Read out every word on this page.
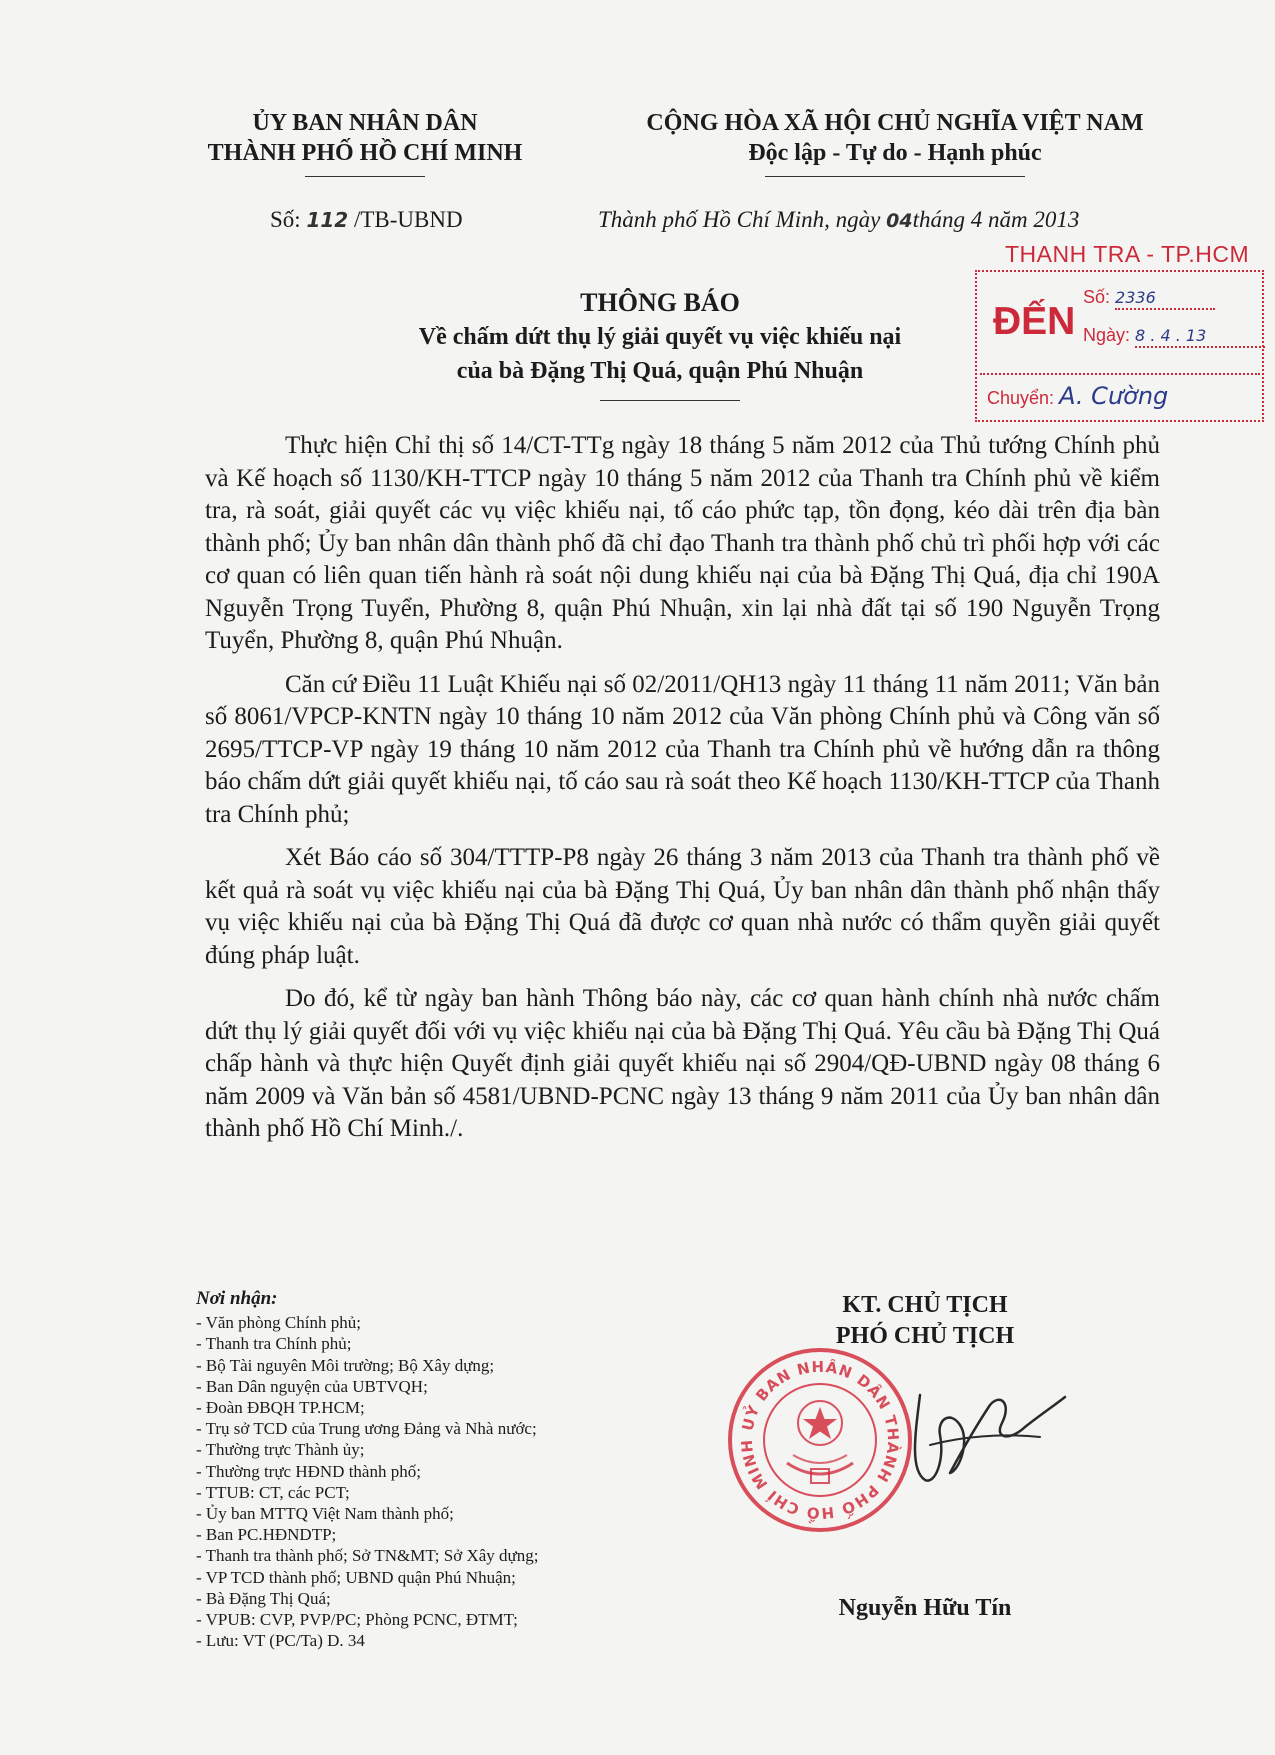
ỦY BAN NHÂN DÂN
THÀNH PHỐ HỒ CHÍ MINH
CỘNG HÒA XÃ HỘI CHỦ NGHĨA VIỆT NAM
Độc lập - Tự do - Hạnh phúc
Số: 112 /TB-UBND	Thành phố Hồ Chí Minh, ngày 04tháng 4 năm 2013
THANH TRA - TP.HCM
ĐẾN
Số: 2336
Ngày: 8 . 4 . 13
Chuyển: A. Cường
THÔNG BÁO
Về chấm dứt thụ lý giải quyết vụ việc khiếu nại
của bà Đặng Thị Quá, quận Phú Nhuận

Thực hiện Chỉ thị số 14/CT-TTg ngày 18 tháng 5 năm 2012 của Thủ tướng Chính phủ và Kế hoạch số 1130/KH-TTCP ngày 10 tháng 5 năm 2012 của Thanh tra Chính phủ về kiểm tra, rà soát, giải quyết các vụ việc khiếu nại, tố cáo phức tạp, tồn đọng, kéo dài trên địa bàn thành phố; Ủy ban nhân dân thành phố đã chỉ đạo Thanh tra thành phố chủ trì phối hợp với các cơ quan có liên quan tiến hành rà soát nội dung khiếu nại của bà Đặng Thị Quá, địa chỉ 190A Nguyễn Trọng Tuyển, Phường 8, quận Phú Nhuận, xin lại nhà đất tại số 190 Nguyễn Trọng Tuyển, Phường 8, quận Phú Nhuận.

Căn cứ Điều 11 Luật Khiếu nại số 02/2011/QH13 ngày 11 tháng 11 năm 2011; Văn bản số 8061/VPCP-KNTN ngày 10 tháng 10 năm 2012 của Văn phòng Chính phủ và Công văn số 2695/TTCP-VP ngày 19 tháng 10 năm 2012 của Thanh tra Chính phủ về hướng dẫn ra thông báo chấm dứt giải quyết khiếu nại, tố cáo sau rà soát theo Kế hoạch 1130/KH-TTCP của Thanh tra Chính phủ;

Xét Báo cáo số 304/TTTP-P8 ngày 26 tháng 3 năm 2013 của Thanh tra thành phố về kết quả rà soát vụ việc khiếu nại của bà Đặng Thị Quá, Ủy ban nhân dân thành phố nhận thấy vụ việc khiếu nại của bà Đặng Thị Quá đã được cơ quan nhà nước có thẩm quyền giải quyết đúng pháp luật.

Do đó, kể từ ngày ban hành Thông báo này, các cơ quan hành chính nhà nước chấm dứt thụ lý giải quyết đối với vụ việc khiếu nại của bà Đặng Thị Quá. Yêu cầu bà Đặng Thị Quá chấp hành và thực hiện Quyết định giải quyết khiếu nại số 2904/QĐ-UBND ngày 08 tháng 6 năm 2009 và Văn bản số 4581/UBND-PCNC ngày 13 tháng 9 năm 2011 của Ủy ban nhân dân thành phố Hồ Chí Minh./.

Nơi nhận:
- Văn phòng Chính phủ;
- Thanh tra Chính phủ;
- Bộ Tài nguyên Môi trường; Bộ Xây dựng;
- Ban Dân nguyện của UBTVQH;
- Đoàn ĐBQH TP.HCM;
- Trụ sở TCD của Trung ương Đảng và Nhà nước;
- Thường trực Thành ủy;
- Thường trực HĐND thành phố;
- TTUB: CT, các PCT;
- Ủy ban MTTQ Việt Nam thành phố;
- Ban PC.HĐNDTP;
- Thanh tra thành phố; Sở TN&MT; Sở Xây dựng;
- VP TCD thành phố; UBND quận Phú Nhuận;
- Bà Đặng Thị Quá;
- VPUB: CVP, PVP/PC; Phòng PCNC, ĐTMT;
- Lưu: VT (PC/Ta) D. 34
KT. CHỦ TỊCH
PHÓ CHỦ TỊCH
UỶ BAN NHÂN DÂN THÀNH PHỐ HỒ CHÍ MINH
Nguyễn Hữu Tín
